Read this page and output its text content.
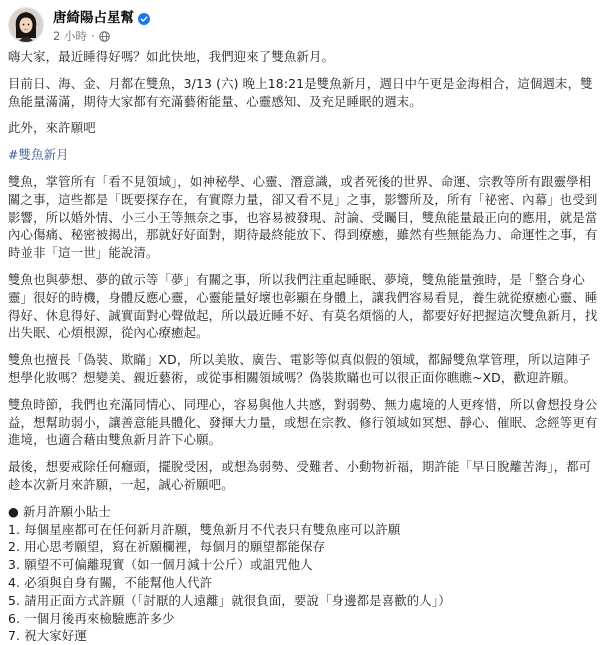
唐綺陽占星幫
2 小時 ·

嗨大家，最近睡得好嗎？如此快地，我們迎來了雙魚新月。

目前日、海、金、月都在雙魚，3/13 (六) 晚上18:21是雙魚新月，週日中午更是金海相合，這個週末，雙魚能量滿滿，期待大家都有充滿藝術能量、心靈感知、及充足睡眠的週末。

此外，來許願吧

#雙魚新月

雙魚，掌管所有「看不見領域」，如神秘學、心靈、潛意識，或者死後的世界、命運、宗教等所有跟靈學相關之事，這些都是「既要探存在，有實際力量，卻又看不見」之事，影響所及，所有「祕密、內幕」也受到影響，所以婚外情、小三小王等無奈之事，也容易被發現、討論、受矚目，雙魚能量最正向的應用，就是當內心傷痛、秘密被揭出，那就好好面對，期待最終能放下、得到療癒，雖然有些無能為力、命運性之事，有時並非「這一世」能說清。

雙魚也與夢想、夢的啟示等「夢」有關之事，所以我們注重起睡眠、夢境，雙魚能量強時，是「整合身心靈」很好的時機，身體反應心靈，心靈能量好壞也彰顯在身體上，讓我們容易看見，養生就從療癒心靈、睡得好、休息得好、誠實面對心聲做起，所以最近睡不好、有莫名煩惱的人，都要好好把握這次雙魚新月，找出失眠、心煩根源，從內心療癒起。

雙魚也擅長「偽裝、欺瞞」XD，所以美妝、廣告、電影等似真似假的領域，都歸雙魚掌管理，所以這陣子想學化妝嗎？想變美、親近藝術，或從事相關領域嗎？偽裝欺瞞也可以很正面你瞧瞧~XD，歡迎許願。

雙魚時節，我們也充滿同情心、同理心，容易與他人共感，對弱勢、無力處境的人更疼惜，所以會想投身公益，想幫助弱小，讓善意能具體化、發揮大力量，或想在宗教、修行領域如冥想、靜心、催眠、念經等更有進境，也適合藉由雙魚新月許下心願。

最後，想要戒除任何癮頭，擺脫受困，或想為弱勢、受難者、小動物祈福，期許能「早日脫離苦海」，都可趁本次新月來許願，一起，誠心祈願吧。

● 新月許願小貼士
1. 每個星座都可在任何新月許願，雙魚新月不代表只有雙魚座可以許願
2. 用心思考願望，寫在祈願欄裡，每個月的願望都能保存
3. 願望不可偏離現實（如一個月減十公斤）或詛咒他人
4. 必須與自身有關，不能幫他人代許
5. 請用正面方式許願（「討厭的人遠離」就很負面，要說「身邊都是喜歡的人」）
6. 一個月後再來檢驗應許多少
7. 祝大家好運
